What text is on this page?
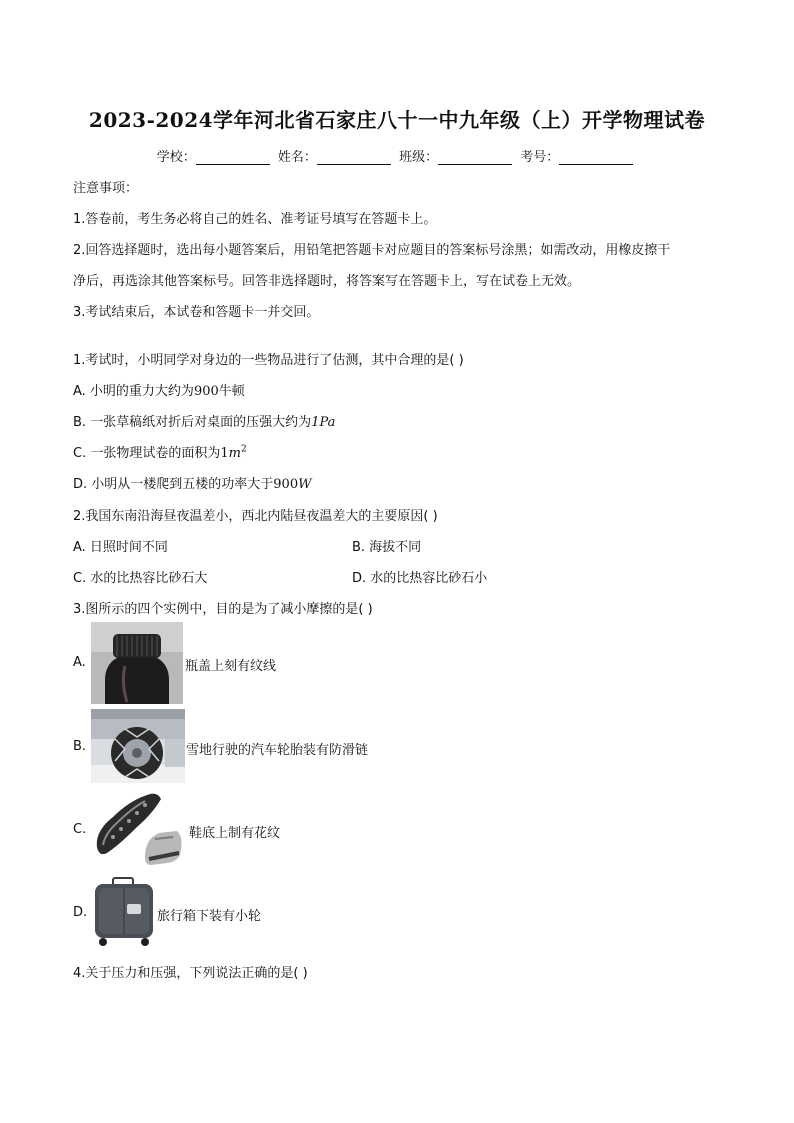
2023-2024学年河北省石家庄八十一中九年级（上）开学物理试卷
学校：	姓名：	班级：	考号：
注意事项：
1.答卷前，考生务必将自己的姓名、准考证号填写在答题卡上。
2.回答选择题时，选出每小题答案后，用铅笔把答题卡对应题目的答案标号涂黑；如需改动，用橡皮擦干
净后，再选涂其他答案标号。回答非选择题时，将答案写在答题卡上，写在试卷上无效。
3.考试结束后，本试卷和答题卡一并交回。
1.考试时，小明同学对身边的一些物品进行了估测，其中合理的是( )
A. 小明的重力大约为900牛顿
B. 一张草稿纸对折后对桌面的压强大约为1Pa
C. 一张物理试卷的面积为$1m^2$
D. 小明从一楼爬到五楼的功率大于900W
2.我国东南沿海昼夜温差小，西北内陆昼夜温差大的主要原因( )
A. 日照时间不同	B. 海拔不同
C. 水的比热容比砂石大	D. 水的比热容比砂石小
3.图所示的四个实例中，目的是为了减小摩擦的是( )
A.	瓶盖上刻有纹线
B.	雪地行驶的汽车轮胎装有防滑链
C.	鞋底上制有花纹
D.	旅行箱下装有小轮
4.关于压力和压强，下列说法正确的是( )
